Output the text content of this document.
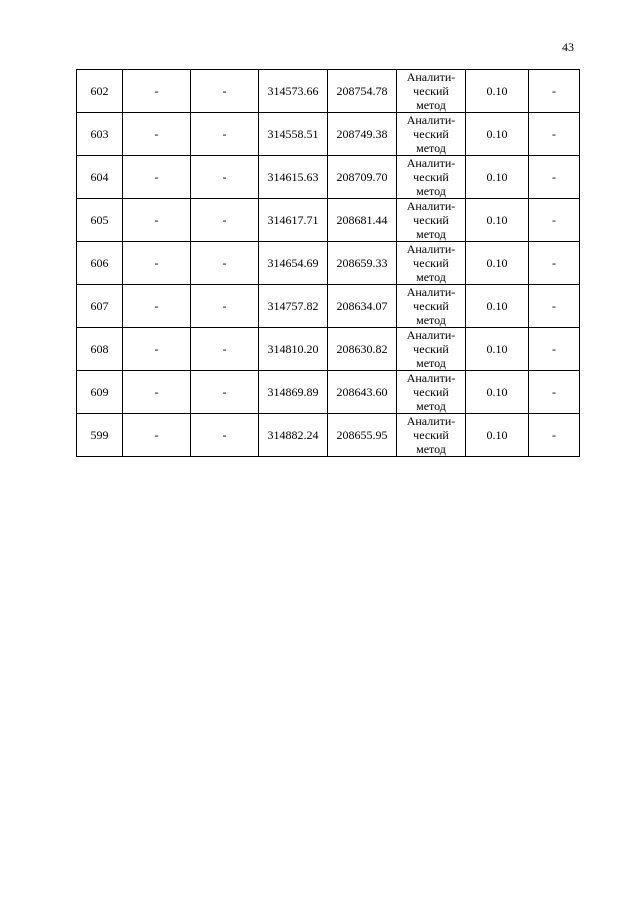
43
602	-	-	314573.66	208754.78	Аналити-
ческий
метод	0.10	-
603	-	-	314558.51	208749.38	Аналити-
ческий
метод	0.10	-
604	-	-	314615.63	208709.70	Аналити-
ческий
метод	0.10	-
605	-	-	314617.71	208681.44	Аналити-
ческий
метод	0.10	-
606	-	-	314654.69	208659.33	Аналити-
ческий
метод	0.10	-
607	-	-	314757.82	208634.07	Аналити-
ческий
метод	0.10	-
608	-	-	314810.20	208630.82	Аналити-
ческий
метод	0.10	-
609	-	-	314869.89	208643.60	Аналити-
ческий
метод	0.10	-
599	-	-	314882.24	208655.95	Аналити-
ческий
метод	0.10	-
